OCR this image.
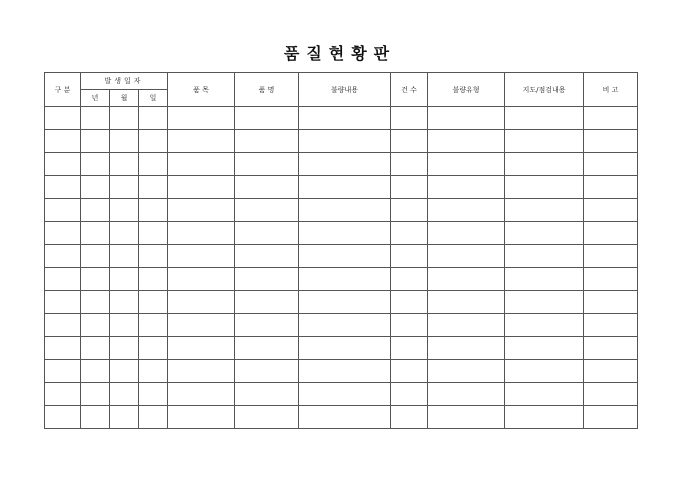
품질현황판
구 분	발생일자			품 목	품 명	불량내용	건 수	불량유형	지도/점검내용	비 고
	년	월	일							
